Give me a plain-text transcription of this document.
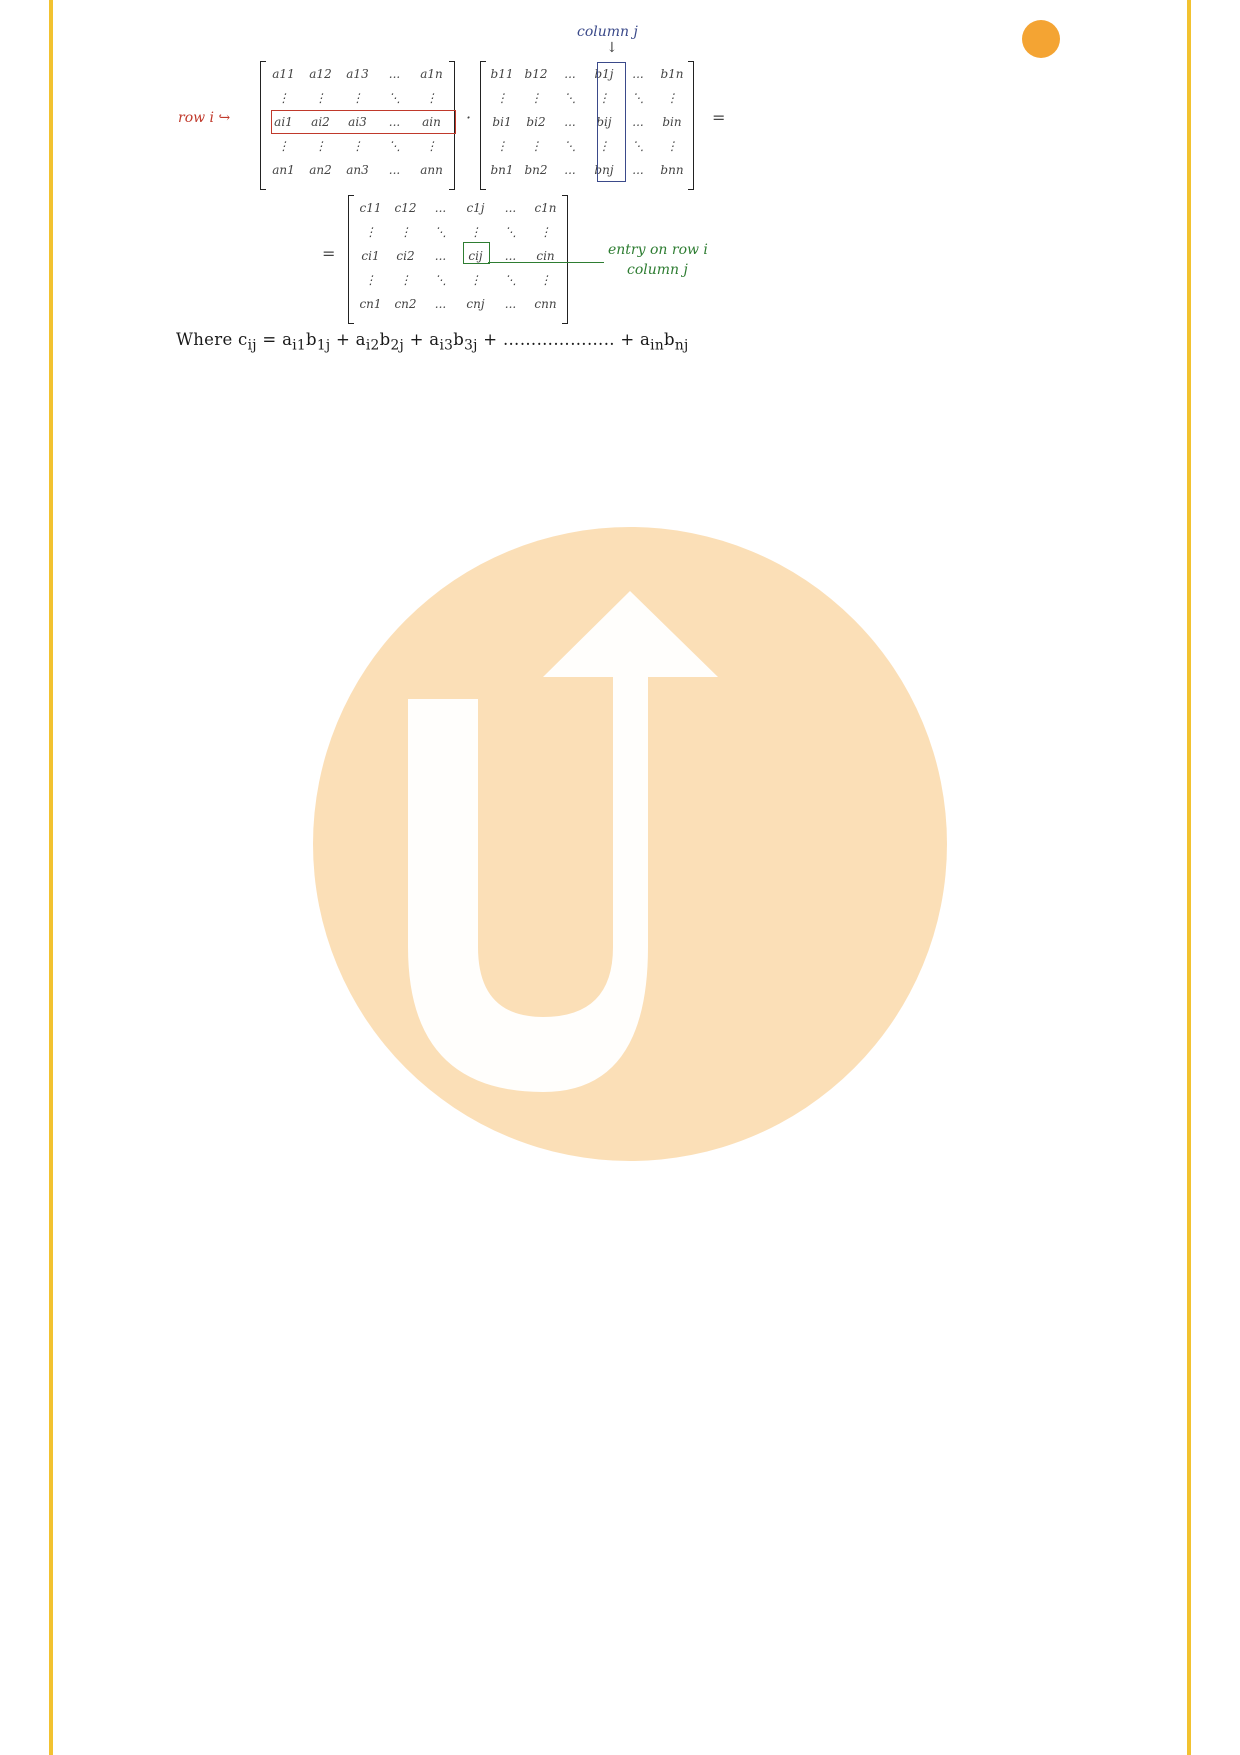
column j
↓
row i ↪
a11	a12	a13	...	a1n
⋮	⋮	⋮	⋱	⋮
ai1	ai2	ai3	...	ain
⋮	⋮	⋮	⋱	⋮
an1	an2	an3	...	ann
·
b11 b12	...	b1j	...	b1n
⋮	⋮	⋱	⋮	⋱	⋮
bi1	bi2	...	bij	...	bin
⋮	⋮	⋱	⋮	⋱	⋮
bn1 bn2	...	bnj	...	bnn
=
=
c11	c12	...	c1j	...	c1n
⋮	⋮	⋱	⋮	⋱	⋮
ci1	ci2	...	cij	...	cin
⋮	⋮	⋱	⋮	⋱	⋮
cn1	cn2	...	cnj	...	cnn
entry on row i
column j
Where $c_{ij} = a_{i1}b_{1j} + a_{i2}b_{2j} + a_{i3}b_{3j}$ + ……………….. + $a_{in}b_{nj}$
